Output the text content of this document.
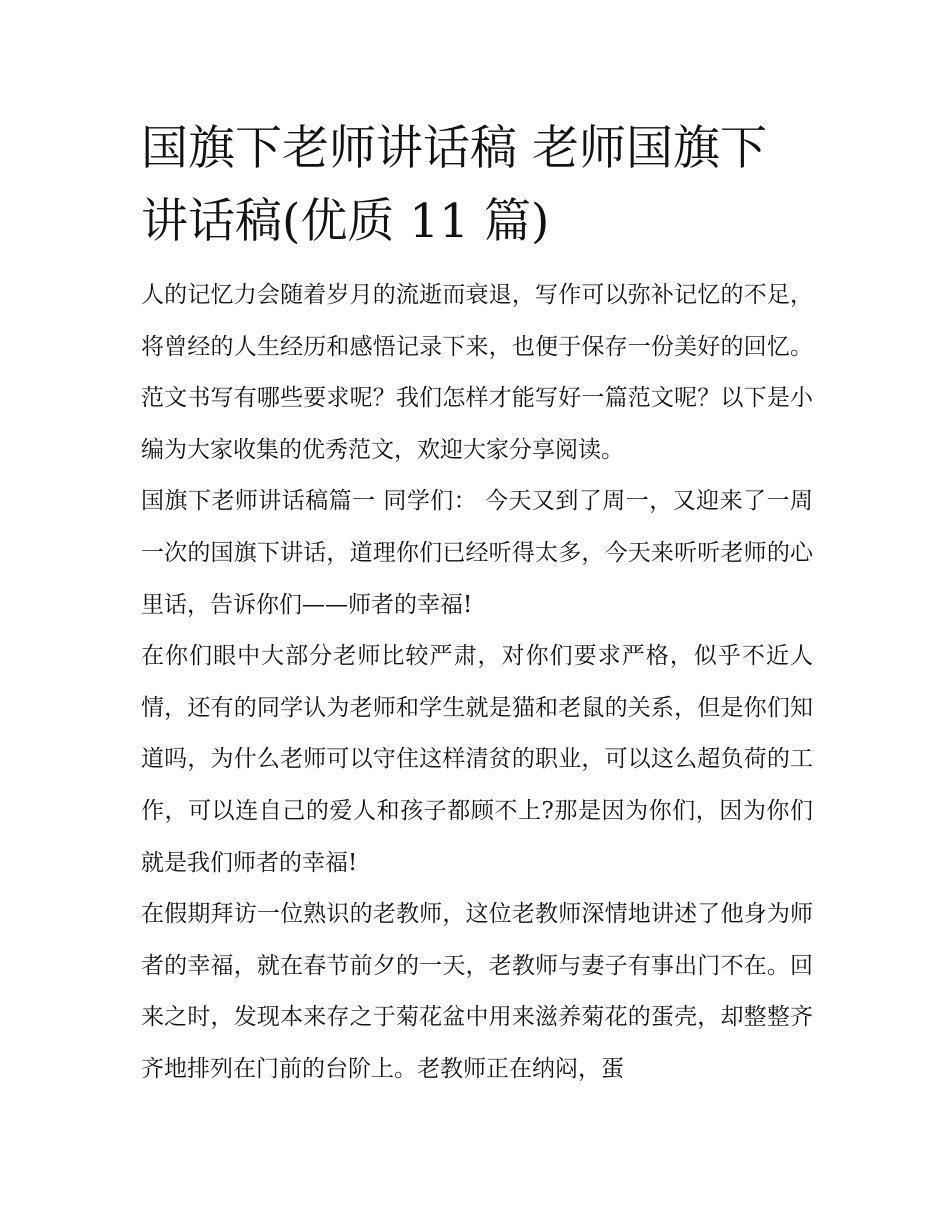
国旗下老师讲话稿 老师国旗下讲话稿(优质 11 篇)

人的记忆力会随着岁月的流逝而衰退，写作可以弥补记忆的不足，将曾经的人生经历和感悟记录下来，也便于保存一份美好的回忆。范文书写有哪些要求呢？我们怎样才能写好一篇范文呢？以下是小编为大家收集的优秀范文，欢迎大家分享阅读。

国旗下老师讲话稿篇一 同学们： 今天又到了周一，又迎来了一周一次的国旗下讲话，道理你们已经听得太多，今天来听听老师的心里话，告诉你们——师者的幸福!

在你们眼中大部分老师比较严肃，对你们要求严格，似乎不近人情，还有的同学认为老师和学生就是猫和老鼠的关系，但是你们知道吗，为什么老师可以守住这样清贫的职业，可以这么超负荷的工作，可以连自己的爱人和孩子都顾不上?那是因为你们，因为你们就是我们师者的幸福!

在假期拜访一位熟识的老教师，这位老教师深情地讲述了他身为师者的幸福，就在春节前夕的一天，老教师与妻子有事出门不在。回来之时，发现本来存之于菊花盆中用来滋养菊花的蛋壳，却整整齐齐地排列在门前的台阶上。老教师正在纳闷，蛋
